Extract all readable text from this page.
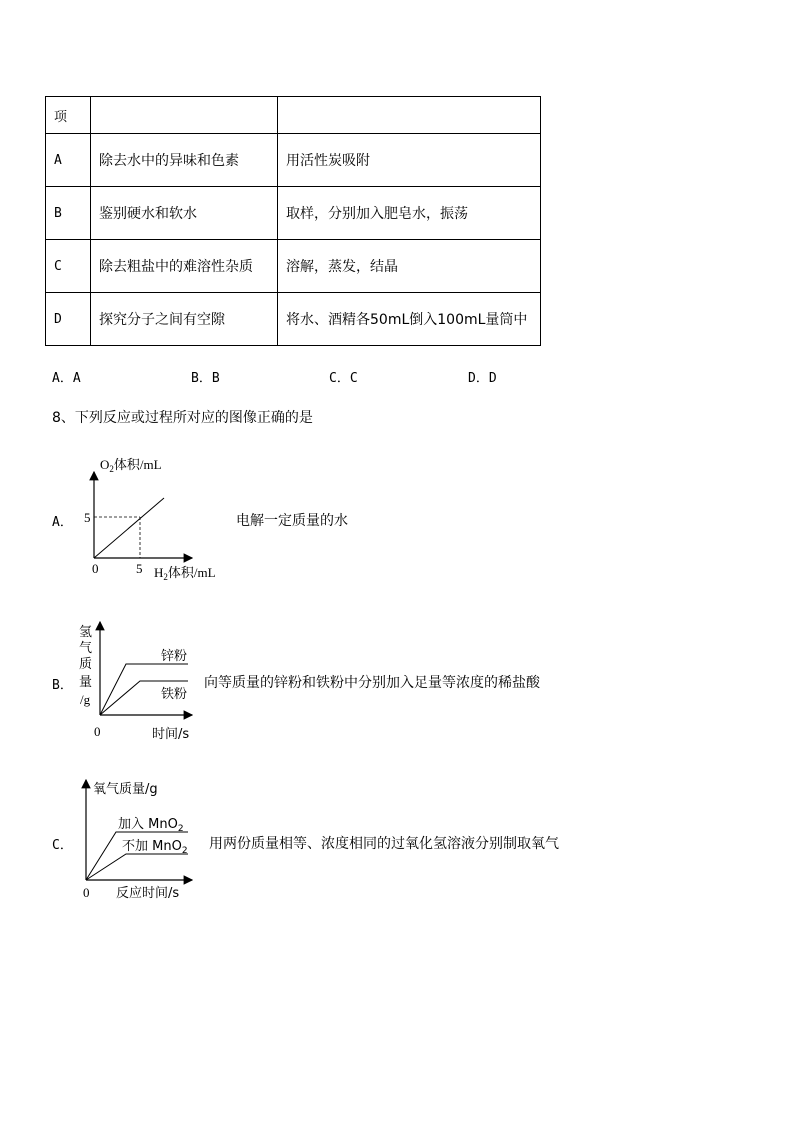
项		
A	除去水中的异味和色素	用活性炭吸附
B	鉴别硬水和软水	取样，分别加入肥皂水，振荡
C	除去粗盐中的难溶性杂质	溶解，蒸发，结晶
D	探究分子之间有空隙	将水、酒精各50mL倒入100mL量筒中
A．A	B．B	C．C	D．D
8、下列反应或过程所对应的图像正确的是
A．
$O_2$体积/mL
$H_2$体积/mL
0	5
5	电解一定质量的水
B．
氢
气
质
量
/g
0	时间/s
锌粉
铁粉
向等质量的锌粉和铁粉中分别加入足量等浓度的稀盐酸
C．
氧气质量/g
反应时间/s
0
加入 MnO$_2$
不加 MnO$_2$ 用两份质量相等、浓度相同的过氧化氢溶液分别制取氧气
